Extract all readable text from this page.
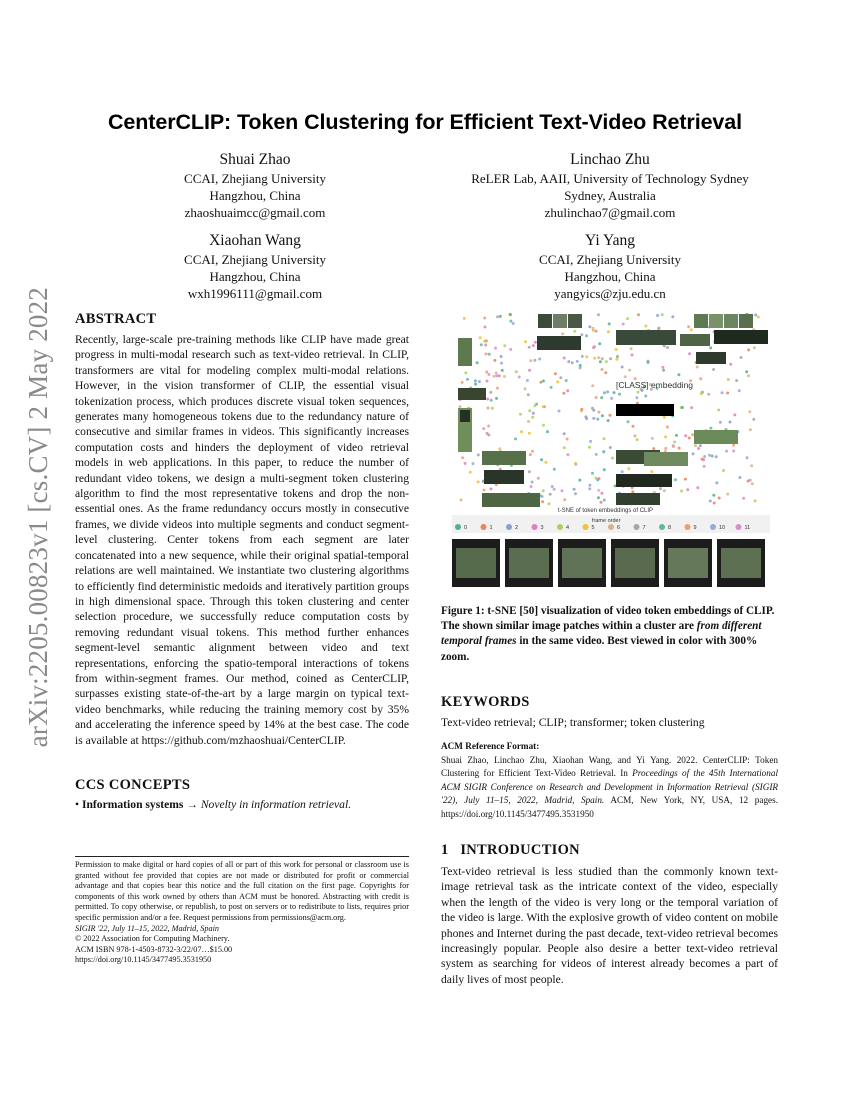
arXiv:2205.00823v1 [cs.CV] 2 May 2022
CenterCLIP: Token Clustering for Efficient Text-Video Retrieval
Shuai Zhao
CCAI, Zhejiang University
Hangzhou, China
zhaoshuaimcc@gmail.com
Linchao Zhu
ReLER Lab, AAII, University of Technology Sydney
Sydney, Australia
zhulinchao7@gmail.com
Xiaohan Wang
CCAI, Zhejiang University
Hangzhou, China
wxh1996111@gmail.com
Yi Yang
CCAI, Zhejiang University
Hangzhou, China
yangyics@zju.edu.cn
ABSTRACT
Recently, large-scale pre-training methods like CLIP have made great progress in multi-modal research such as text-video retrieval. In CLIP, transformers are vital for modeling complex multi-modal relations. However, in the vision transformer of CLIP, the essential visual tokenization process, which produces discrete visual token sequences, generates many homogeneous tokens due to the redundancy nature of consecutive and similar frames in videos. This significantly increases computation costs and hinders the deployment of video retrieval models in web applications. In this paper, to reduce the number of redundant video tokens, we design a multi-segment token clustering algorithm to find the most representative tokens and drop the non-essential ones. As the frame redundancy occurs mostly in consecutive frames, we divide videos into multiple segments and conduct segment-level clustering. Center tokens from each segment are later concatenated into a new sequence, while their original spatial-temporal relations are well maintained. We instantiate two clustering algorithms to efficiently find deterministic medoids and iteratively partition groups in high dimensional space. Through this token clustering and center selection procedure, we successfully reduce computation costs by removing redundant visual tokens. This method further enhances segment-level semantic alignment between video and text representations, enforcing the spatio-temporal interactions of tokens from within-segment frames. Our method, coined as CenterCLIP, surpasses existing state-of-the-art by a large margin on typical text-video benchmarks, while reducing the training memory cost by 35% and accelerating the inference speed by 14% at the best case. The code is available at https://github.com/mzhaoshuai/CenterCLIP.
CCS CONCEPTS
• Information systems → Novelty in information retrieval.
Permission to make digital or hard copies of all or part of this work for personal or classroom use is granted without fee provided that copies are not made or distributed for profit or commercial advantage and that copies bear this notice and the full citation on the first page. Copyrights for components of this work owned by others than ACM must be honored. Abstracting with credit is permitted. To copy otherwise, or republish, to post on servers or to redistribute to lists, requires prior specific permission and/or a fee. Request permissions from permissions@acm.org.
SIGIR '22, July 11–15, 2022, Madrid, Spain
© 2022 Association for Computing Machinery.
ACM ISBN 978-1-4503-8732-3/22/07…$15.00
https://doi.org/10.1145/3477495.3531950
[CLASS] embedding
t-SNE of token embeddings of CLIP
frame order
0	1	2	3	4	5	6	7	8	9	10	11
Figure 1: t-SNE [50] visualization of video token embeddings of CLIP. The shown similar image patches within a cluster are from different temporal frames in the same video. Best viewed in color with 300% zoom.
KEYWORDS
Text-video retrieval; CLIP; transformer; token clustering
ACM Reference Format:
Shuai Zhao, Linchao Zhu, Xiaohan Wang, and Yi Yang. 2022. CenterCLIP: Token Clustering for Efficient Text-Video Retrieval. In Proceedings of the 45th International ACM SIGIR Conference on Research and Development in Information Retrieval (SIGIR '22), July 11–15, 2022, Madrid, Spain. ACM, New York, NY, USA, 12 pages. https://doi.org/10.1145/3477495.3531950
1 INTRODUCTION
Text-video retrieval is less studied than the commonly known text-image retrieval task as the intricate context of the video, especially when the length of the video is very long or the temporal variation of the video is large. With the explosive growth of video content on mobile phones and Internet during the past decade, text-video retrieval becomes increasingly popular. People also desire a better text-video retrieval system as searching for videos of interest already becomes a part of daily lives of most people.
